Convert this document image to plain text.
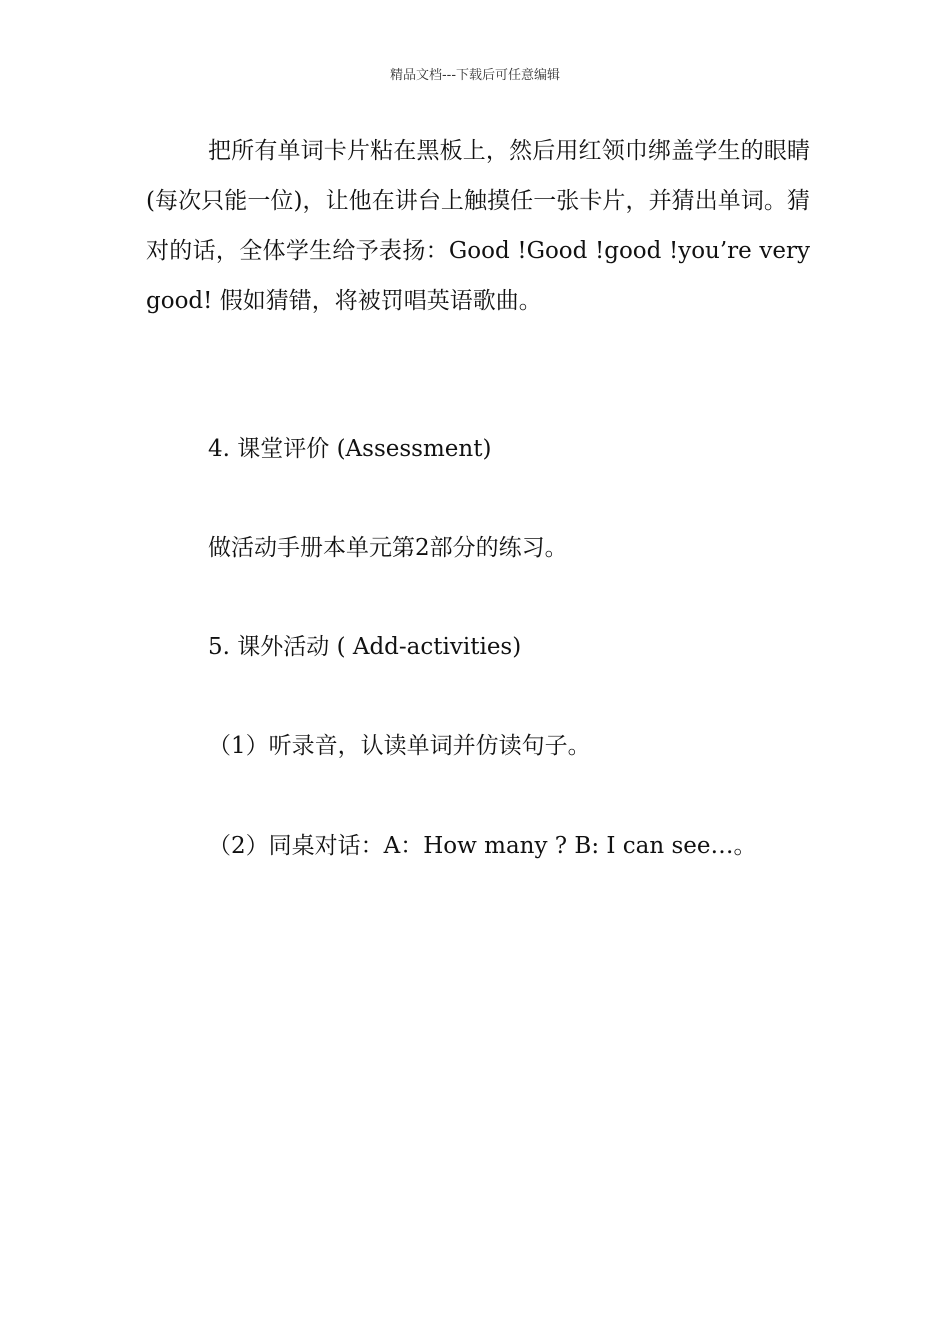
精品文档---下载后可任意编辑
把所有单词卡片粘在黑板上，然后用红领巾绑盖学生的眼睛(每次只能一位)，让他在讲台上触摸任一张卡片，并猜出单词。猜对的话，全体学生给予表扬：Good !Good !good !you’re very good! 假如猜错，将被罚唱英语歌曲。
4. 课堂评价 (Assessment)
做活动手册本单元第2部分的练习。
5. 课外活动 ( Add-activities)
（1）听录音，认读单词并仿读句子。
（2）同桌对话：A：How many ? B: I can see…。
